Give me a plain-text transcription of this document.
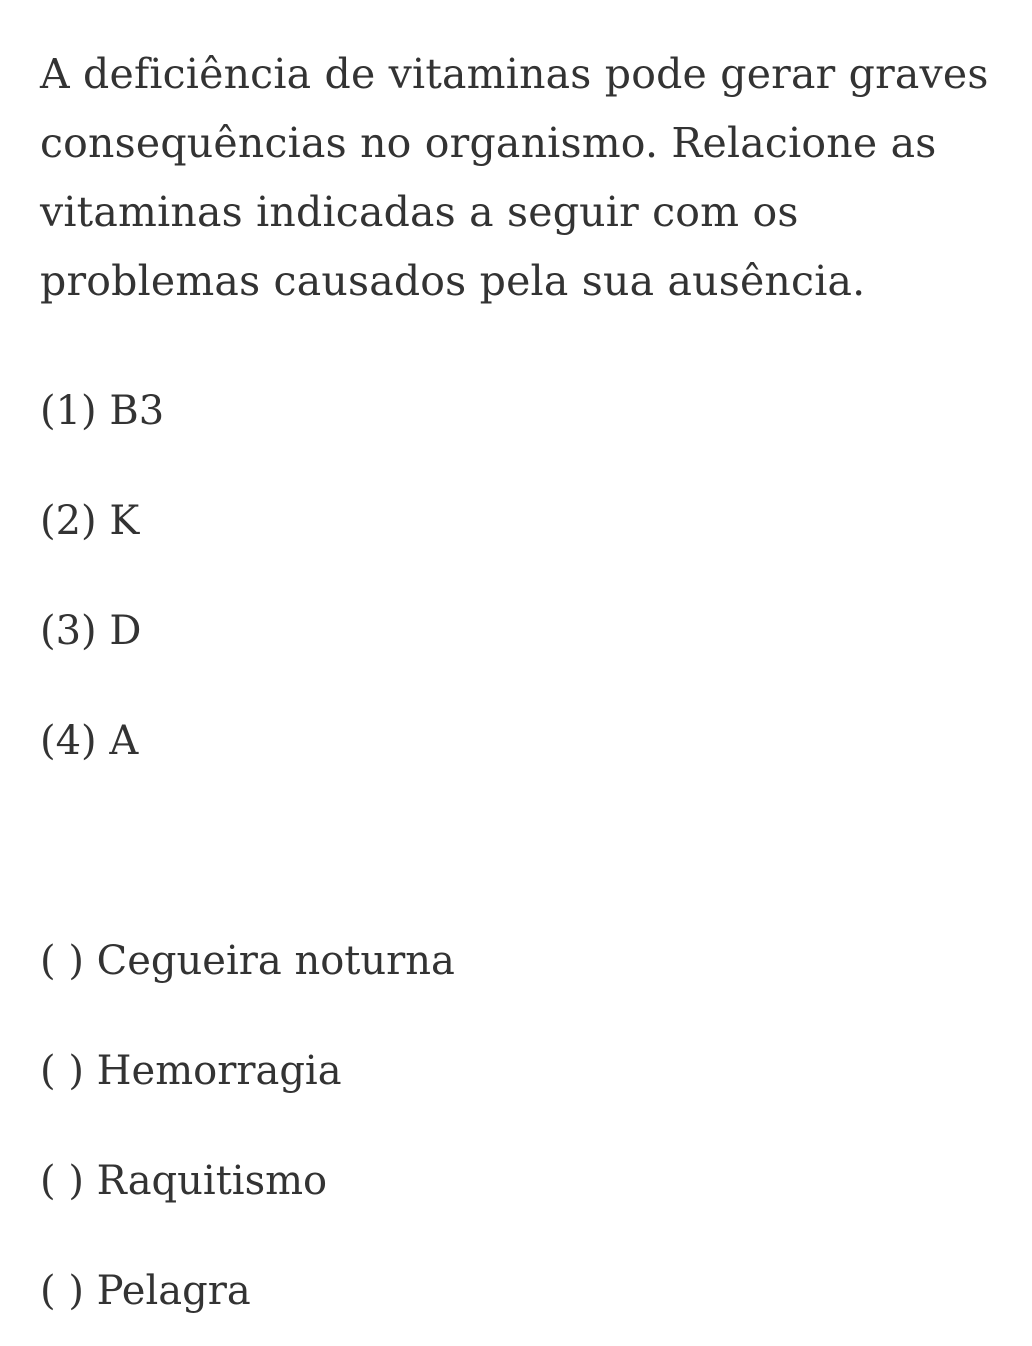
A deficiência de vitaminas pode gerar graves consequências no organismo. Relacione as vitaminas indicadas a seguir com os problemas causados pela sua ausência.

(1) B3

(2) K

(3) D

(4) A

( ) Cegueira noturna

( ) Hemorragia

( ) Raquitismo

( ) Pelagra
